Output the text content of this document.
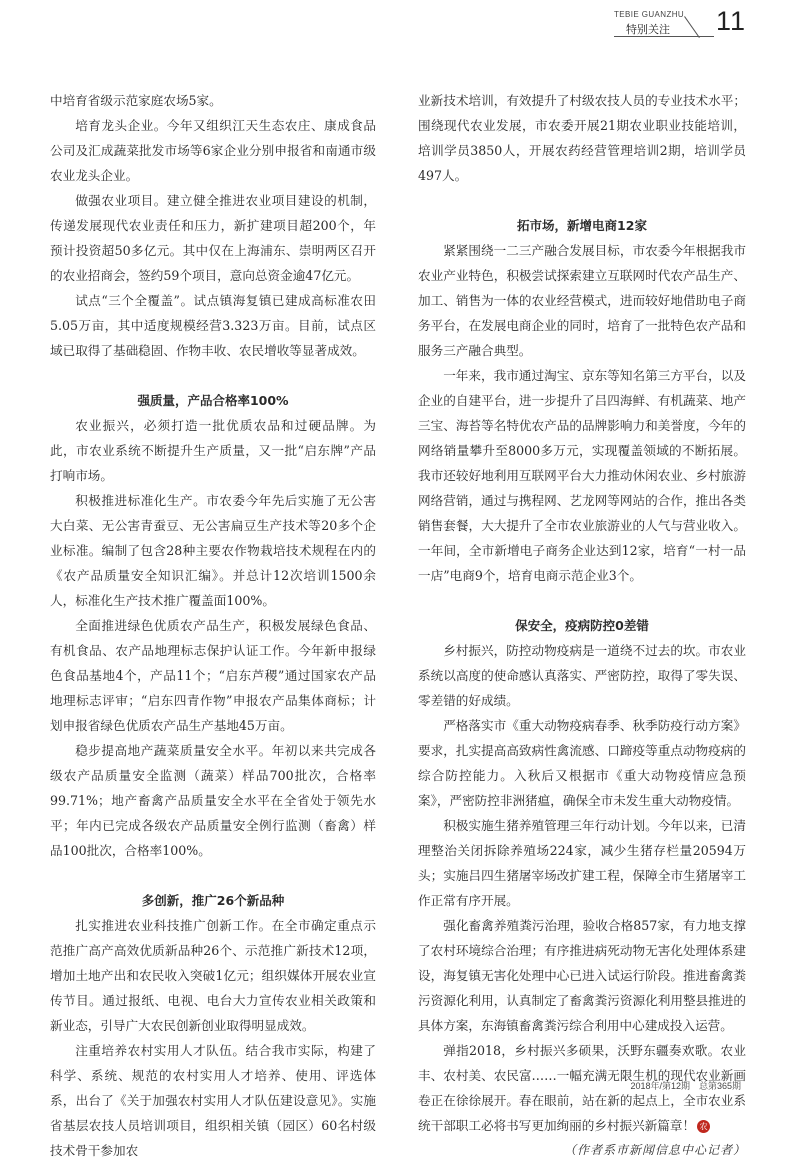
TEBIE GUANZHU
特别关注 11

中培育省级示范家庭农场5家。

培育龙头企业。今年又组织江天生态农庄、康成食品公司及汇成蔬菜批发市场等6家企业分别申报省和南通市级农业龙头企业。

做强农业项目。建立健全推进农业项目建设的机制，传递发展现代农业责任和压力，新扩建项目超200个，年预计投资超50多亿元。其中仅在上海浦东、崇明两区召开的农业招商会，签约59个项目，意向总资金逾47亿元。

试点“三个全覆盖”。试点镇海复镇已建成高标准农田5.05万亩，其中适度规模经营3.323万亩。目前，试点区域已取得了基础稳固、作物丰收、农民增收等显著成效。

强质量，产品合格率100%

农业振兴，必须打造一批优质农品和过硬品牌。为此，市农业系统不断提升生产质量，又一批“启东牌”产品打响市场。

积极推进标准化生产。市农委今年先后实施了无公害大白菜、无公害青蚕豆、无公害扁豆生产技术等20多个企业标准。编制了包含28种主要农作物栽培技术规程在内的《农产品质量安全知识汇编》。并总计12次培训1500余人，标准化生产技术推广覆盖面100%。

全面推进绿色优质农产品生产，积极发展绿色食品、有机食品、农产品地理标志保护认证工作。今年新申报绿色食品基地4个，产品11个；“启东芦稷”通过国家农产品地理标志评审；“启东四青作物”申报农产品集体商标；计划申报省绿色优质农产品生产基地45万亩。

稳步提高地产蔬菜质量安全水平。年初以来共完成各级农产品质量安全监测（蔬菜）样品700批次，合格率99.71%；地产畜禽产品质量安全水平在全省处于领先水平；年内已完成各级农产品质量安全例行监测（畜禽）样品100批次，合格率100%。

多创新，推广26个新品种

扎实推进农业科技推广创新工作。在全市确定重点示范推广高产高效优质新品种26个、示范推广新技术12项，增加土地产出和农民收入突破1亿元；组织媒体开展农业宣传节目。通过报纸、电视、电台大力宣传农业相关政策和新业态，引导广大农民创新创业取得明显成效。

注重培养农村实用人才队伍。结合我市实际，构建了科学、系统、规范的农村实用人才培养、使用、评选体系，出台了《关于加强农村实用人才队伍建设意见》。实施省基层农技人员培训项目，组织相关镇（园区）60名村级技术骨干参加农

业新技术培训，有效提升了村级农技人员的专业技术水平；围绕现代农业发展，市农委开展21期农业职业技能培训，培训学员3850人，开展农药经营管理培训2期，培训学员497人。

拓市场，新增电商12家

紧紧围绕一二三产融合发展目标，市农委今年根据我市农业产业特色，积极尝试探索建立互联网时代农产品生产、加工、销售为一体的农业经营模式，进而较好地借助电子商务平台，在发展电商企业的同时，培育了一批特色农产品和服务三产融合典型。

一年来，我市通过淘宝、京东等知名第三方平台，以及企业的自建平台，进一步提升了吕四海鲜、有机蔬菜、地产三宝、海苔等名特优农产品的品牌影响力和美誉度，今年的网络销量攀升至8000多万元，实现覆盖领域的不断拓展。我市还较好地利用互联网平台大力推动休闲农业、乡村旅游网络营销，通过与携程网、艺龙网等网站的合作，推出各类销售套餐，大大提升了全市农业旅游业的人气与营业收入。一年间，全市新增电子商务企业达到12家，培育“一村一品一店”电商9个，培育电商示范企业3个。

保安全，疫病防控0差错

乡村振兴，防控动物疫病是一道绕不过去的坎。市农业系统以高度的使命感认真落实、严密防控，取得了零失误、零差错的好成绩。

严格落实市《重大动物疫病春季、秋季防疫行动方案》要求，扎实提高高致病性禽流感、口蹄疫等重点动物疫病的综合防控能力。入秋后又根据市《重大动物疫情应急预案》，严密防控非洲猪瘟，确保全市未发生重大动物疫情。

积极实施生猪养殖管理三年行动计划。今年以来，已清理整治关闭拆除养殖场224家，减少生猪存栏量20594万头；实施吕四生猪屠宰场改扩建工程，保障全市生猪屠宰工作正常有序开展。

强化畜禽养殖粪污治理，验收合格857家，有力地支撑了农村环境综合治理；有序推进病死动物无害化处理体系建设，海复镇无害化处理中心已进入试运行阶段。推进畜禽粪污资源化利用，认真制定了畜禽粪污资源化利用整县推进的具体方案，东海镇畜禽粪污综合利用中心建成投入运营。

弹指2018，乡村振兴多硕果，沃野东疆奏欢歌。农业丰、农村美、农民富……一幅充满无限生机的现代农业新画卷正在徐徐展开。春在眼前，站在新的起点上，全市农业系统干部职工必将书写更加绚丽的乡村振兴新篇章！ 农

（作者系市新闻信息中心记者）

2018年/第12期　总第365期
